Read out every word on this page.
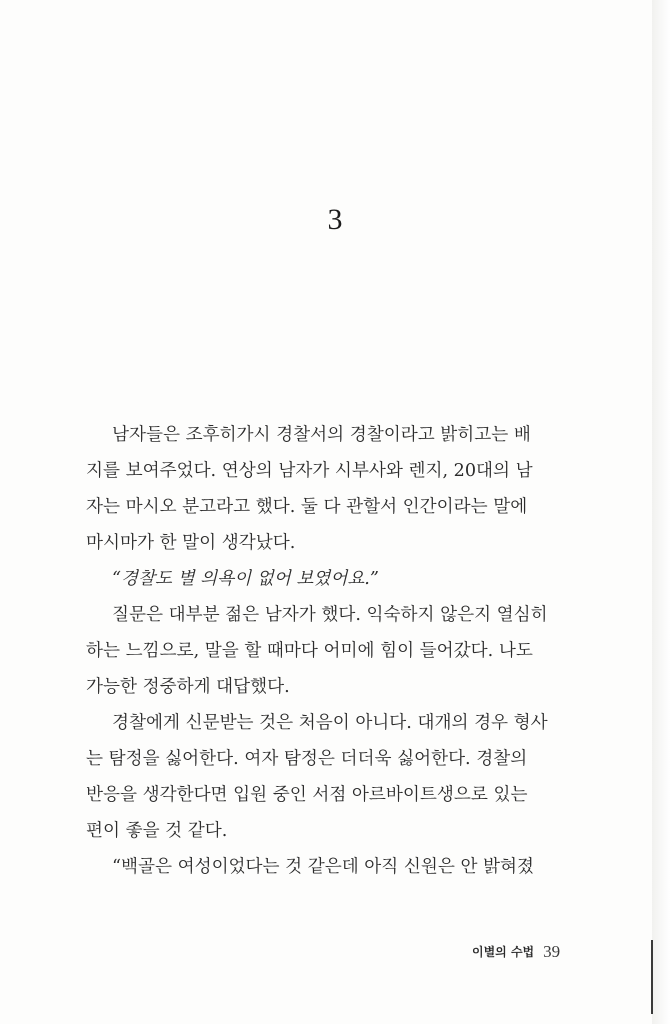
3
남자들은 조후히가시 경찰서의 경찰이라고 밝히고는 배
지를 보여주었다. 연상의 남자가 시부사와 렌지, 20대의 남
자는 마시오 분고라고 했다. 둘 다 관할서 인간이라는 말에
마시마가 한 말이 생각났다.
“경찰도 별 의욕이 없어 보였어요.”
질문은 대부분 젊은 남자가 했다. 익숙하지 않은지 열심히
하는 느낌으로, 말을 할 때마다 어미에 힘이 들어갔다. 나도
가능한 정중하게 대답했다.
경찰에게 신문받는 것은 처음이 아니다. 대개의 경우 형사
는 탐정을 싫어한다. 여자 탐정은 더더욱 싫어한다. 경찰의
반응을 생각한다면 입원 중인 서점 아르바이트생으로 있는
편이 좋을 것 같다.
“백골은 여성이었다는 것 같은데 아직 신원은 안 밝혀졌
이별의 수법 39
